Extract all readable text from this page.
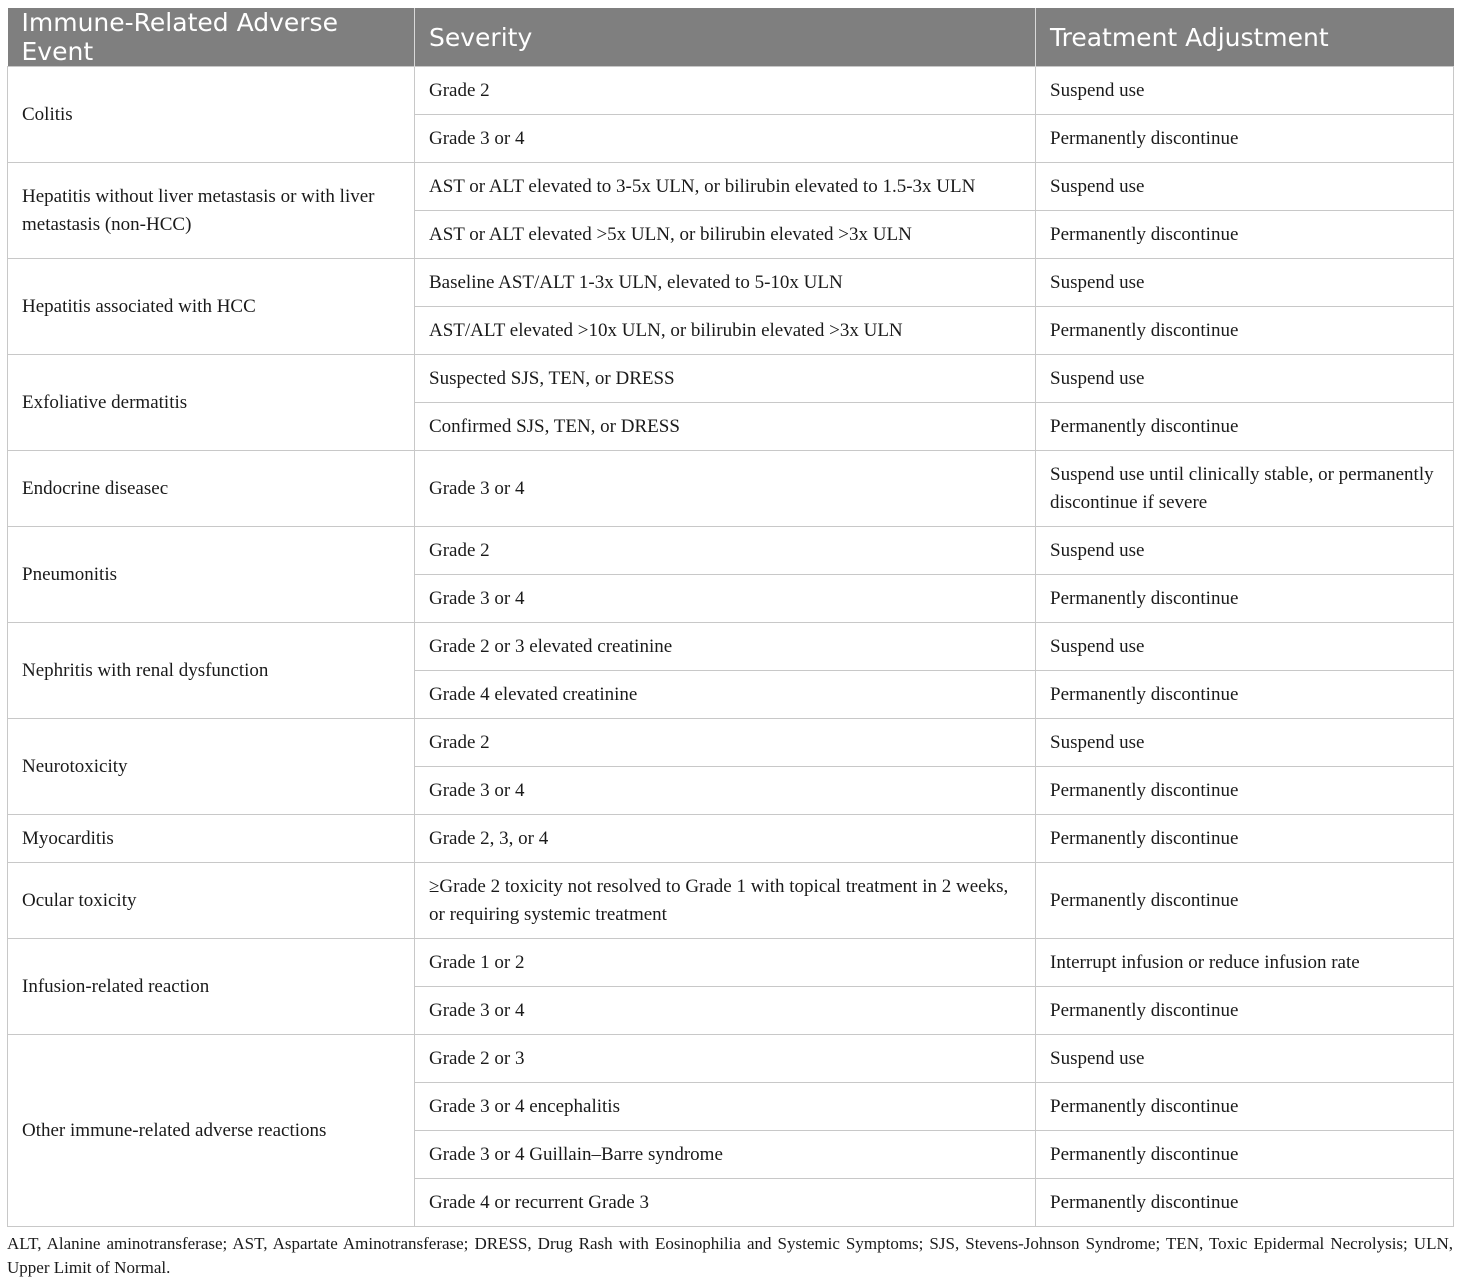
Immune-Related Adverse Event	Severity	Treatment Adjustment
Colitis	Grade 2	Suspend use
	Grade 3 or 4	Permanently discontinue
Hepatitis without liver metastasis or with liver metastasis (non-HCC)	AST or ALT elevated to 3-5x ULN, or bilirubin elevated to 1.5-3x ULN	Suspend use
	AST or ALT elevated >5x ULN, or bilirubin elevated >3x ULN	Permanently discontinue
Hepatitis associated with HCC	Baseline AST/ALT 1-3x ULN, elevated to 5-10x ULN	Suspend use
	AST/ALT elevated >10x ULN, or bilirubin elevated >3x ULN	Permanently discontinue
Exfoliative dermatitis	Suspected SJS, TEN, or DRESS	Suspend use
	Confirmed SJS, TEN, or DRESS	Permanently discontinue
Endocrine diseasec	Grade 3 or 4	Suspend use until clinically stable, or permanently discontinue if severe
Pneumonitis	Grade 2	Suspend use
	Grade 3 or 4	Permanently discontinue
Nephritis with renal dysfunction	Grade 2 or 3 elevated creatinine	Suspend use
	Grade 4 elevated creatinine	Permanently discontinue
Neurotoxicity	Grade 2	Suspend use
	Grade 3 or 4	Permanently discontinue
Myocarditis	Grade 2, 3, or 4	Permanently discontinue
Ocular toxicity	≥Grade 2 toxicity not resolved to Grade 1 with topical treatment in 2 weeks, or requiring systemic treatment	Permanently discontinue
Infusion-related reaction	Grade 1 or 2	Interrupt infusion or reduce infusion rate
	Grade 3 or 4	Permanently discontinue
Other immune-related adverse reactions	Grade 2 or 3	Suspend use
	Grade 3 or 4 encephalitis	Permanently discontinue
	Grade 3 or 4 Guillain–Barre syndrome	Permanently discontinue
	Grade 4 or recurrent Grade 3	Permanently discontinue
ALT, Alanine aminotransferase; AST, Aspartate Aminotransferase; DRESS, Drug Rash with Eosinophilia and Systemic Symptoms; SJS, Stevens-Johnson Syndrome; TEN, Toxic Epidermal Necrolysis; ULN, Upper Limit of Normal.
